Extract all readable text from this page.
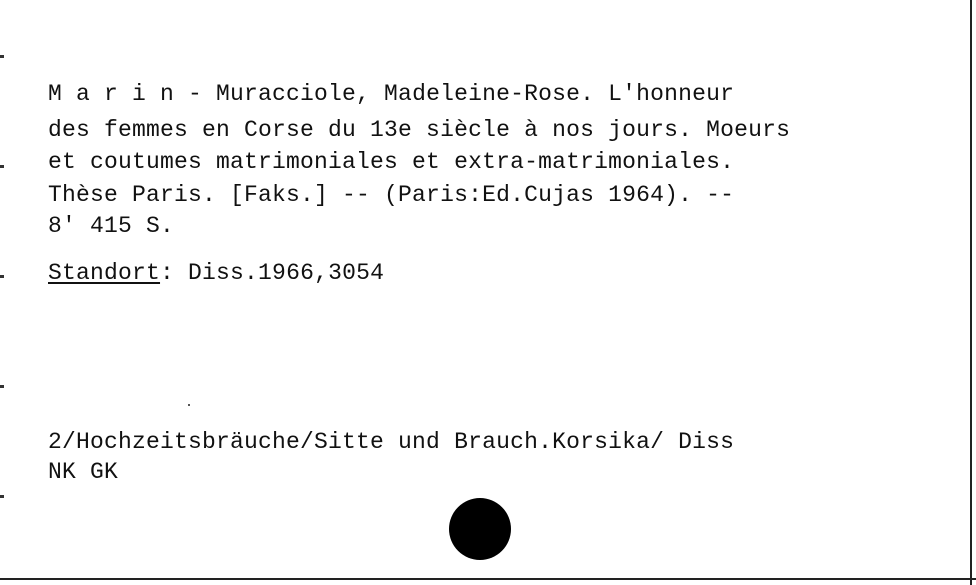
M a r i n - Muracciole, Madeleine-Rose. L'honneur
des femmes en Corse du 13e siècle à nos jours. Moeurs
et coutumes matrimoniales et extra-matrimoniales.
Thèse Paris. [Faks.] -- (Paris:Ed.Cujas 1964). --
8' 415 S.
Standort: Diss.1966,3054
2/Hochzeitsbräuche/Sitte und Brauch.Korsika/ Diss
NK GK
